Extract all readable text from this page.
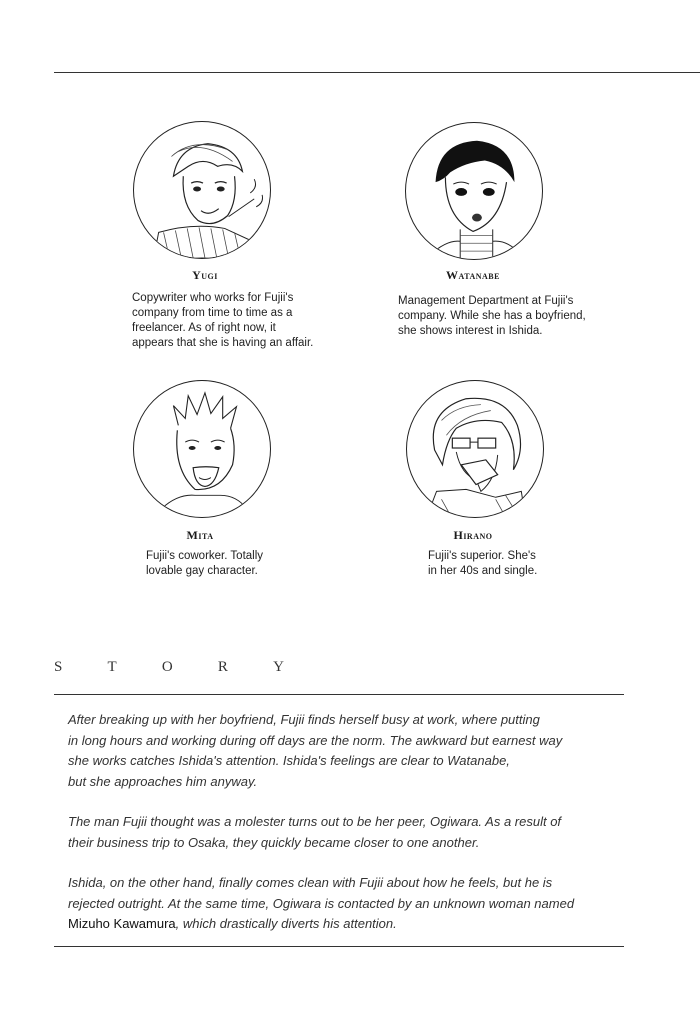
Yugi
Copywriter who works for Fujii's
company from time to time as a
freelancer. As of right now, it
appears that she is having an affair.
Watanabe
Management Department at Fujii's
company. While she has a boyfriend,
she shows interest in Ishida.
Mita
Fujii's coworker. Totally
lovable gay character.
Hirano
Fujii's superior. She's
in her 40s and single.
S	T	O	R	Y
After breaking up with her boyfriend, Fujii finds herself busy at work, where putting
in long hours and working during off days are the norm. The awkward but earnest way
she works catches Ishida's attention. Ishida's feelings are clear to Watanabe,
but she approaches him anyway.
The man Fujii thought was a molester turns out to be her peer, Ogiwara. As a result of
their business trip to Osaka, they quickly became closer to one another.
Ishida, on the other hand, finally comes clean with Fujii about how he feels, but he is
rejected outright. At the same time, Ogiwara is contacted by an unknown woman named
Mizuho Kawamura, which drastically diverts his attention.
